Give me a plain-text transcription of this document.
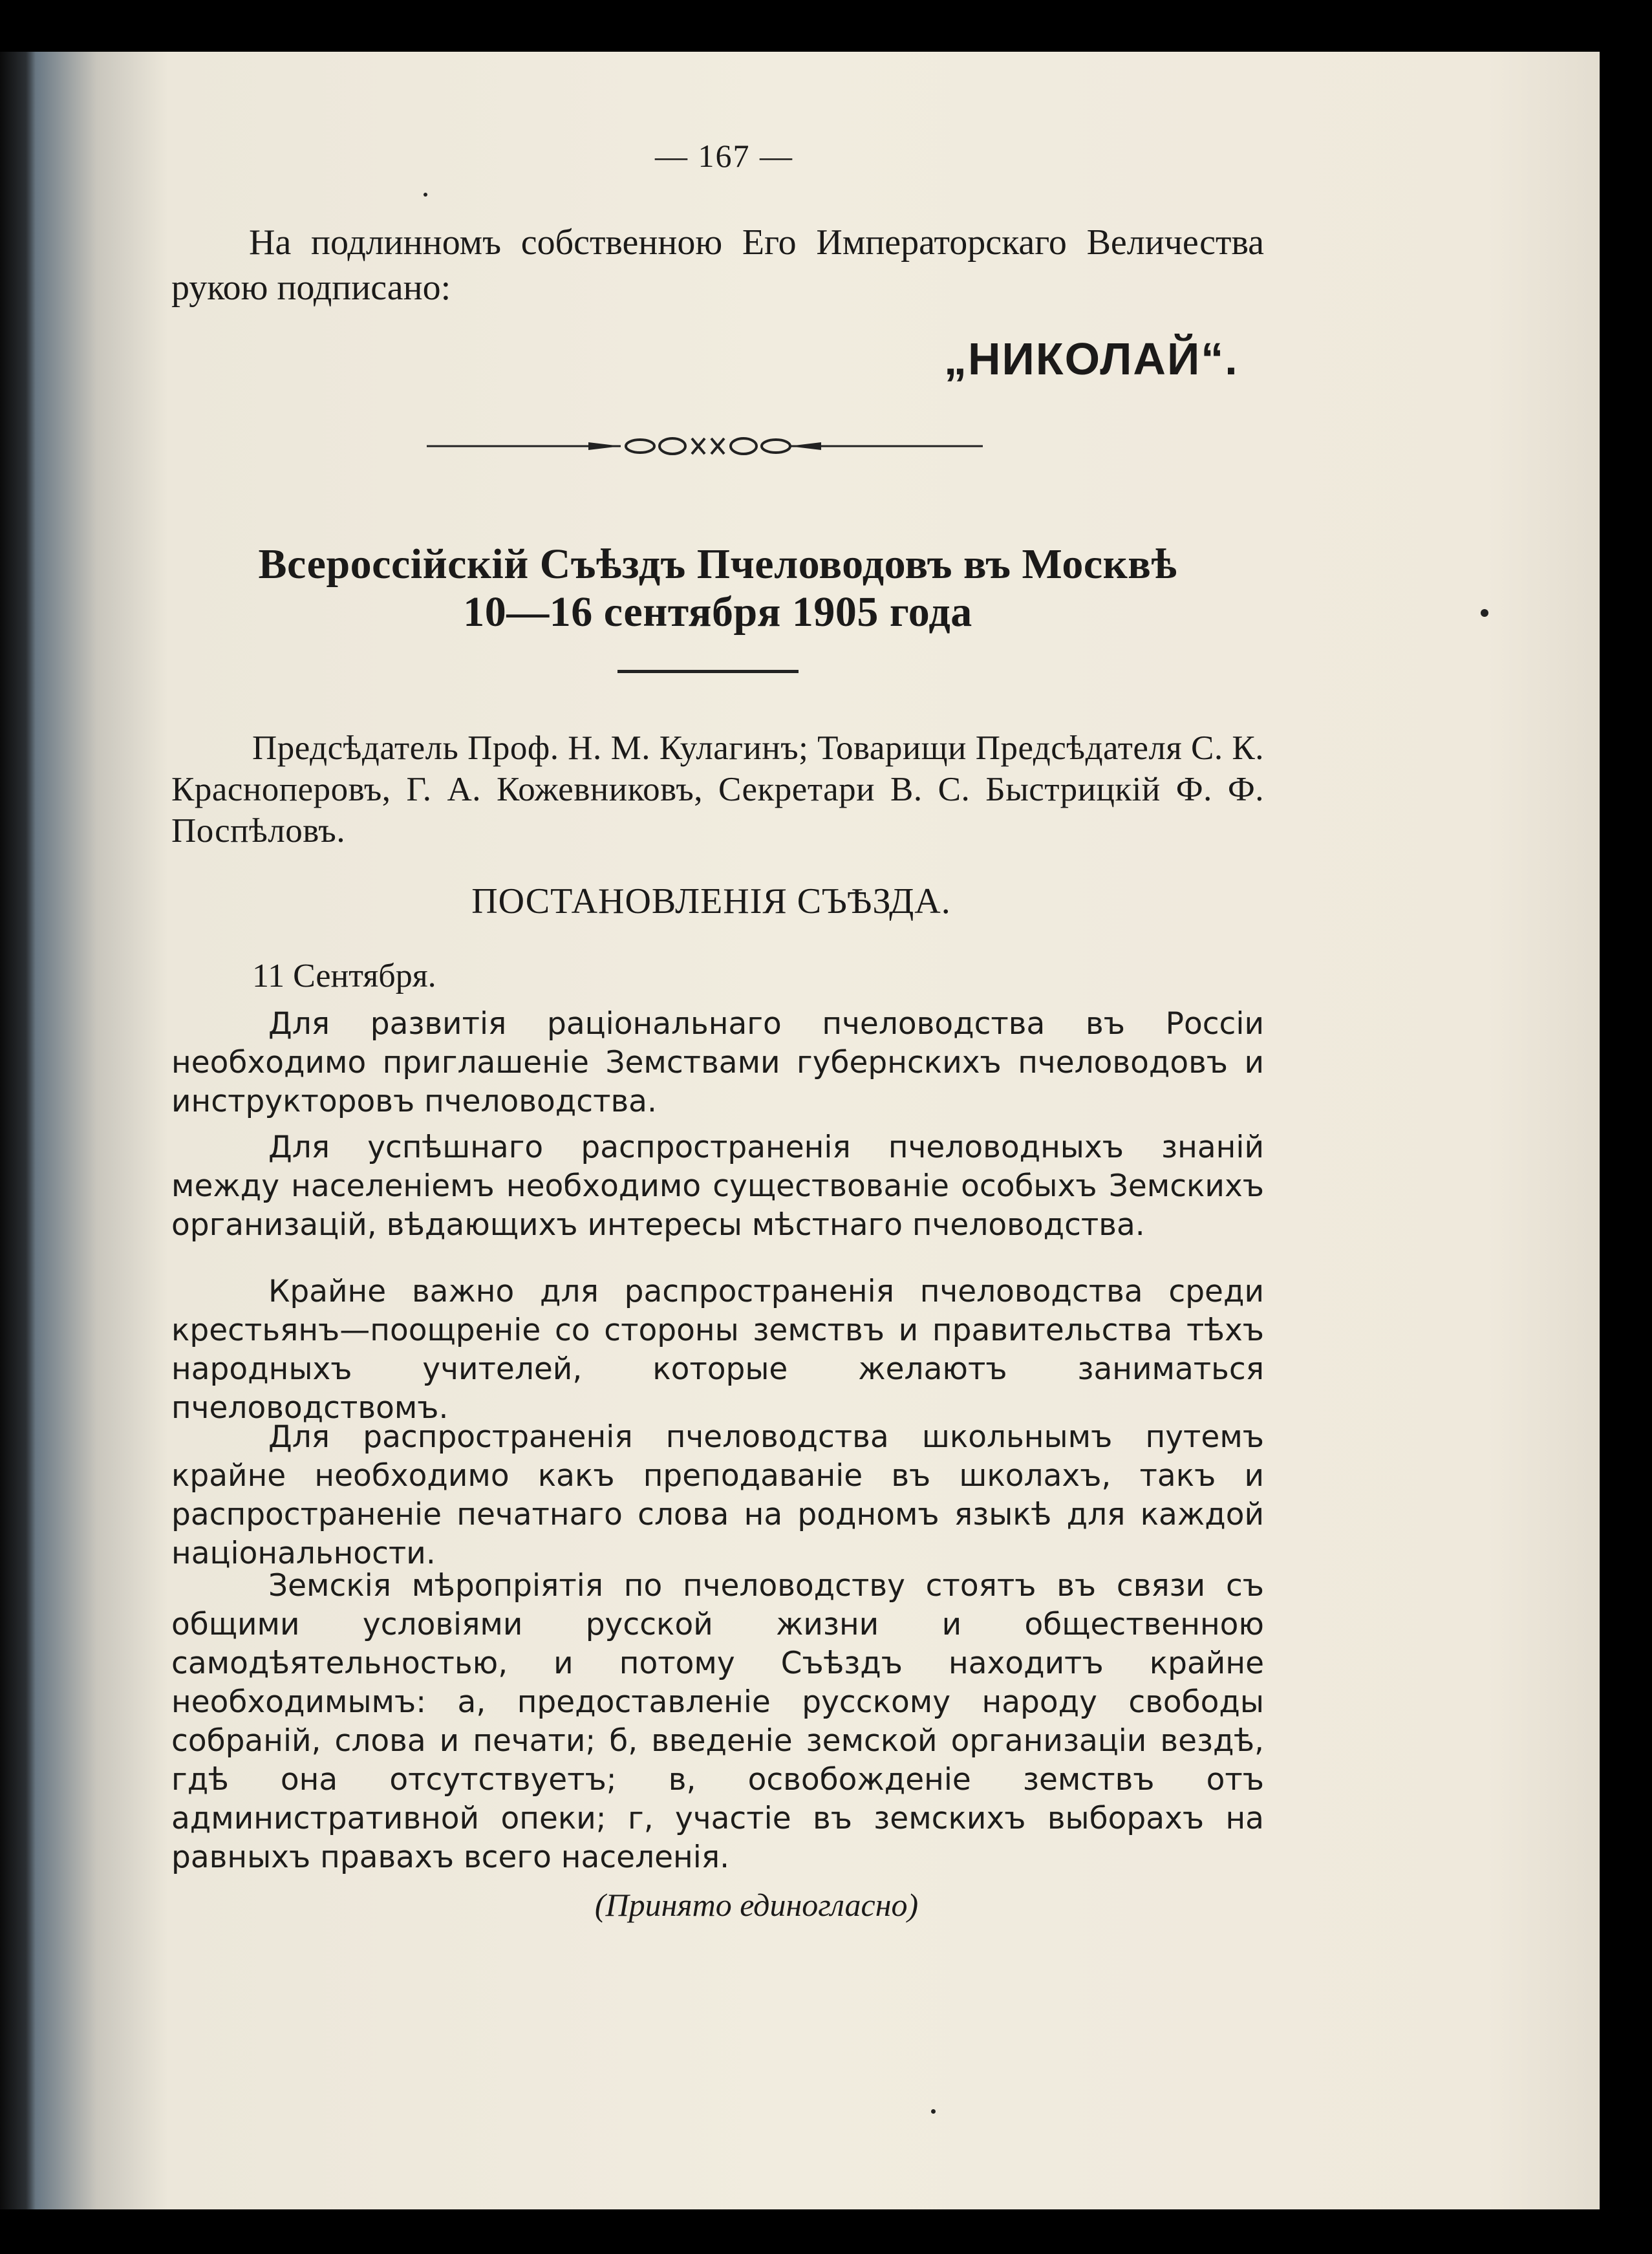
— 167 —
На подлинномъ собственною Его Императорскаго Величества рукою подписано:
„НИКОЛАЙ“.
Всероссійскій Съѣздъ Пчеловодовъ въ Москвѣ
10—16 сентября 1905 года
Предсѣдатель Проф. Н. М. Кулагинъ; Товарищи Предсѣдателя С. К. Красноперовъ, Г. А. Кожевниковъ, Секретари В. С. Быстрицкій Ф. Ф. Поспѣловъ.
ПОСТАНОВЛЕНІЯ СЪѢЗДА.
11 Сентября.
Для развитія раціональнаго пчеловодства въ Россіи необходимо приглашеніе Земствами губернскихъ пчеловодовъ и инструкторовъ пчеловодства.
Для успѣшнаго распространенія пчеловодныхъ знаній между населеніемъ необходимо существованіе особыхъ Земскихъ организацій, вѣдающихъ интересы мѣстнаго пчеловодства.
Крайне важно для распространенія пчеловодства среди крестьянъ—поощреніе со стороны земствъ и правительства тѣхъ народныхъ учителей, которые желаютъ заниматься пчеловодствомъ.
Для распространенія пчеловодства школьнымъ путемъ крайне необходимо какъ преподаваніе въ школахъ, такъ и распространеніе печатнаго слова на родномъ языкѣ для каждой національности.
Земскія мѣропріятія по пчеловодству стоятъ въ связи съ общими условіями русской жизни и общественною самодѣятельностью, и потому Съѣздъ находитъ крайне необходимымъ: а, предоставленіе русскому народу свободы собраній, слова и печати; б, введеніе земской организаціи вездѣ, гдѣ она отсутствуетъ; в, освобожденіе земствъ отъ административной опеки; г, участіе въ земскихъ выборахъ на равныхъ правахъ всего населенія.
(Принято единогласно)
